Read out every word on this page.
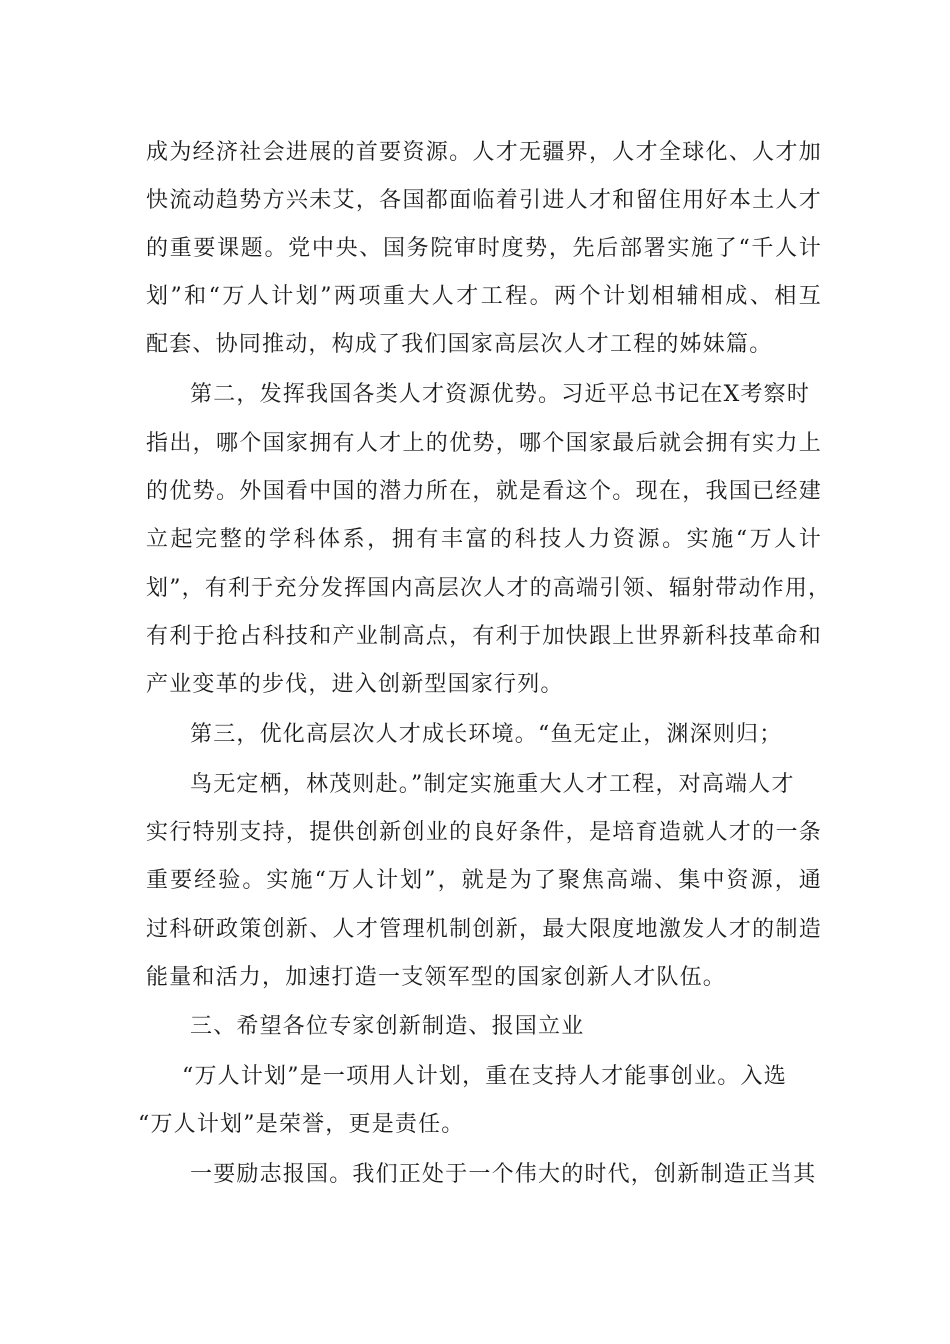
成为经济社会进展的首要资源。人才无疆界，人才全球化、人才加
快流动趋势方兴未艾，各国都面临着引进人才和留住用好本土人才
的重要课题。党中央、国务院审时度势，先后部署实施了“千人计
划”和“万人计划”两项重大人才工程。两个计划相辅相成、相互
配套、协同推动，构成了我们国家高层次人才工程的姊妹篇。
第二，发挥我国各类人才资源优势。习近平总书记在X考察时
指出，哪个国家拥有人才上的优势，哪个国家最后就会拥有实力上
的优势。外国看中国的潜力所在，就是看这个。现在，我国已经建
立起完整的学科体系，拥有丰富的科技人力资源。实施“万人计
划”，有利于充分发挥国内高层次人才的高端引领、辐射带动作用，
有利于抢占科技和产业制高点，有利于加快跟上世界新科技革命和
产业变革的步伐，进入创新型国家行列。
第三，优化高层次人才成长环境。“鱼无定止，渊深则归；
鸟无定栖，林茂则赴。”制定实施重大人才工程，对高端人才
实行特别支持，提供创新创业的良好条件，是培育造就人才的一条
重要经验。实施“万人计划”，就是为了聚焦高端、集中资源，通
过科研政策创新、人才管理机制创新，最大限度地激发人才的制造
能量和活力，加速打造一支领军型的国家创新人才队伍。
三、希望各位专家创新制造、报国立业
“万人计划”是一项用人计划，重在支持人才能事创业。入选
“万人计划”是荣誉，更是责任。
一要励志报国。我们正处于一个伟大的时代，创新制造正当其
